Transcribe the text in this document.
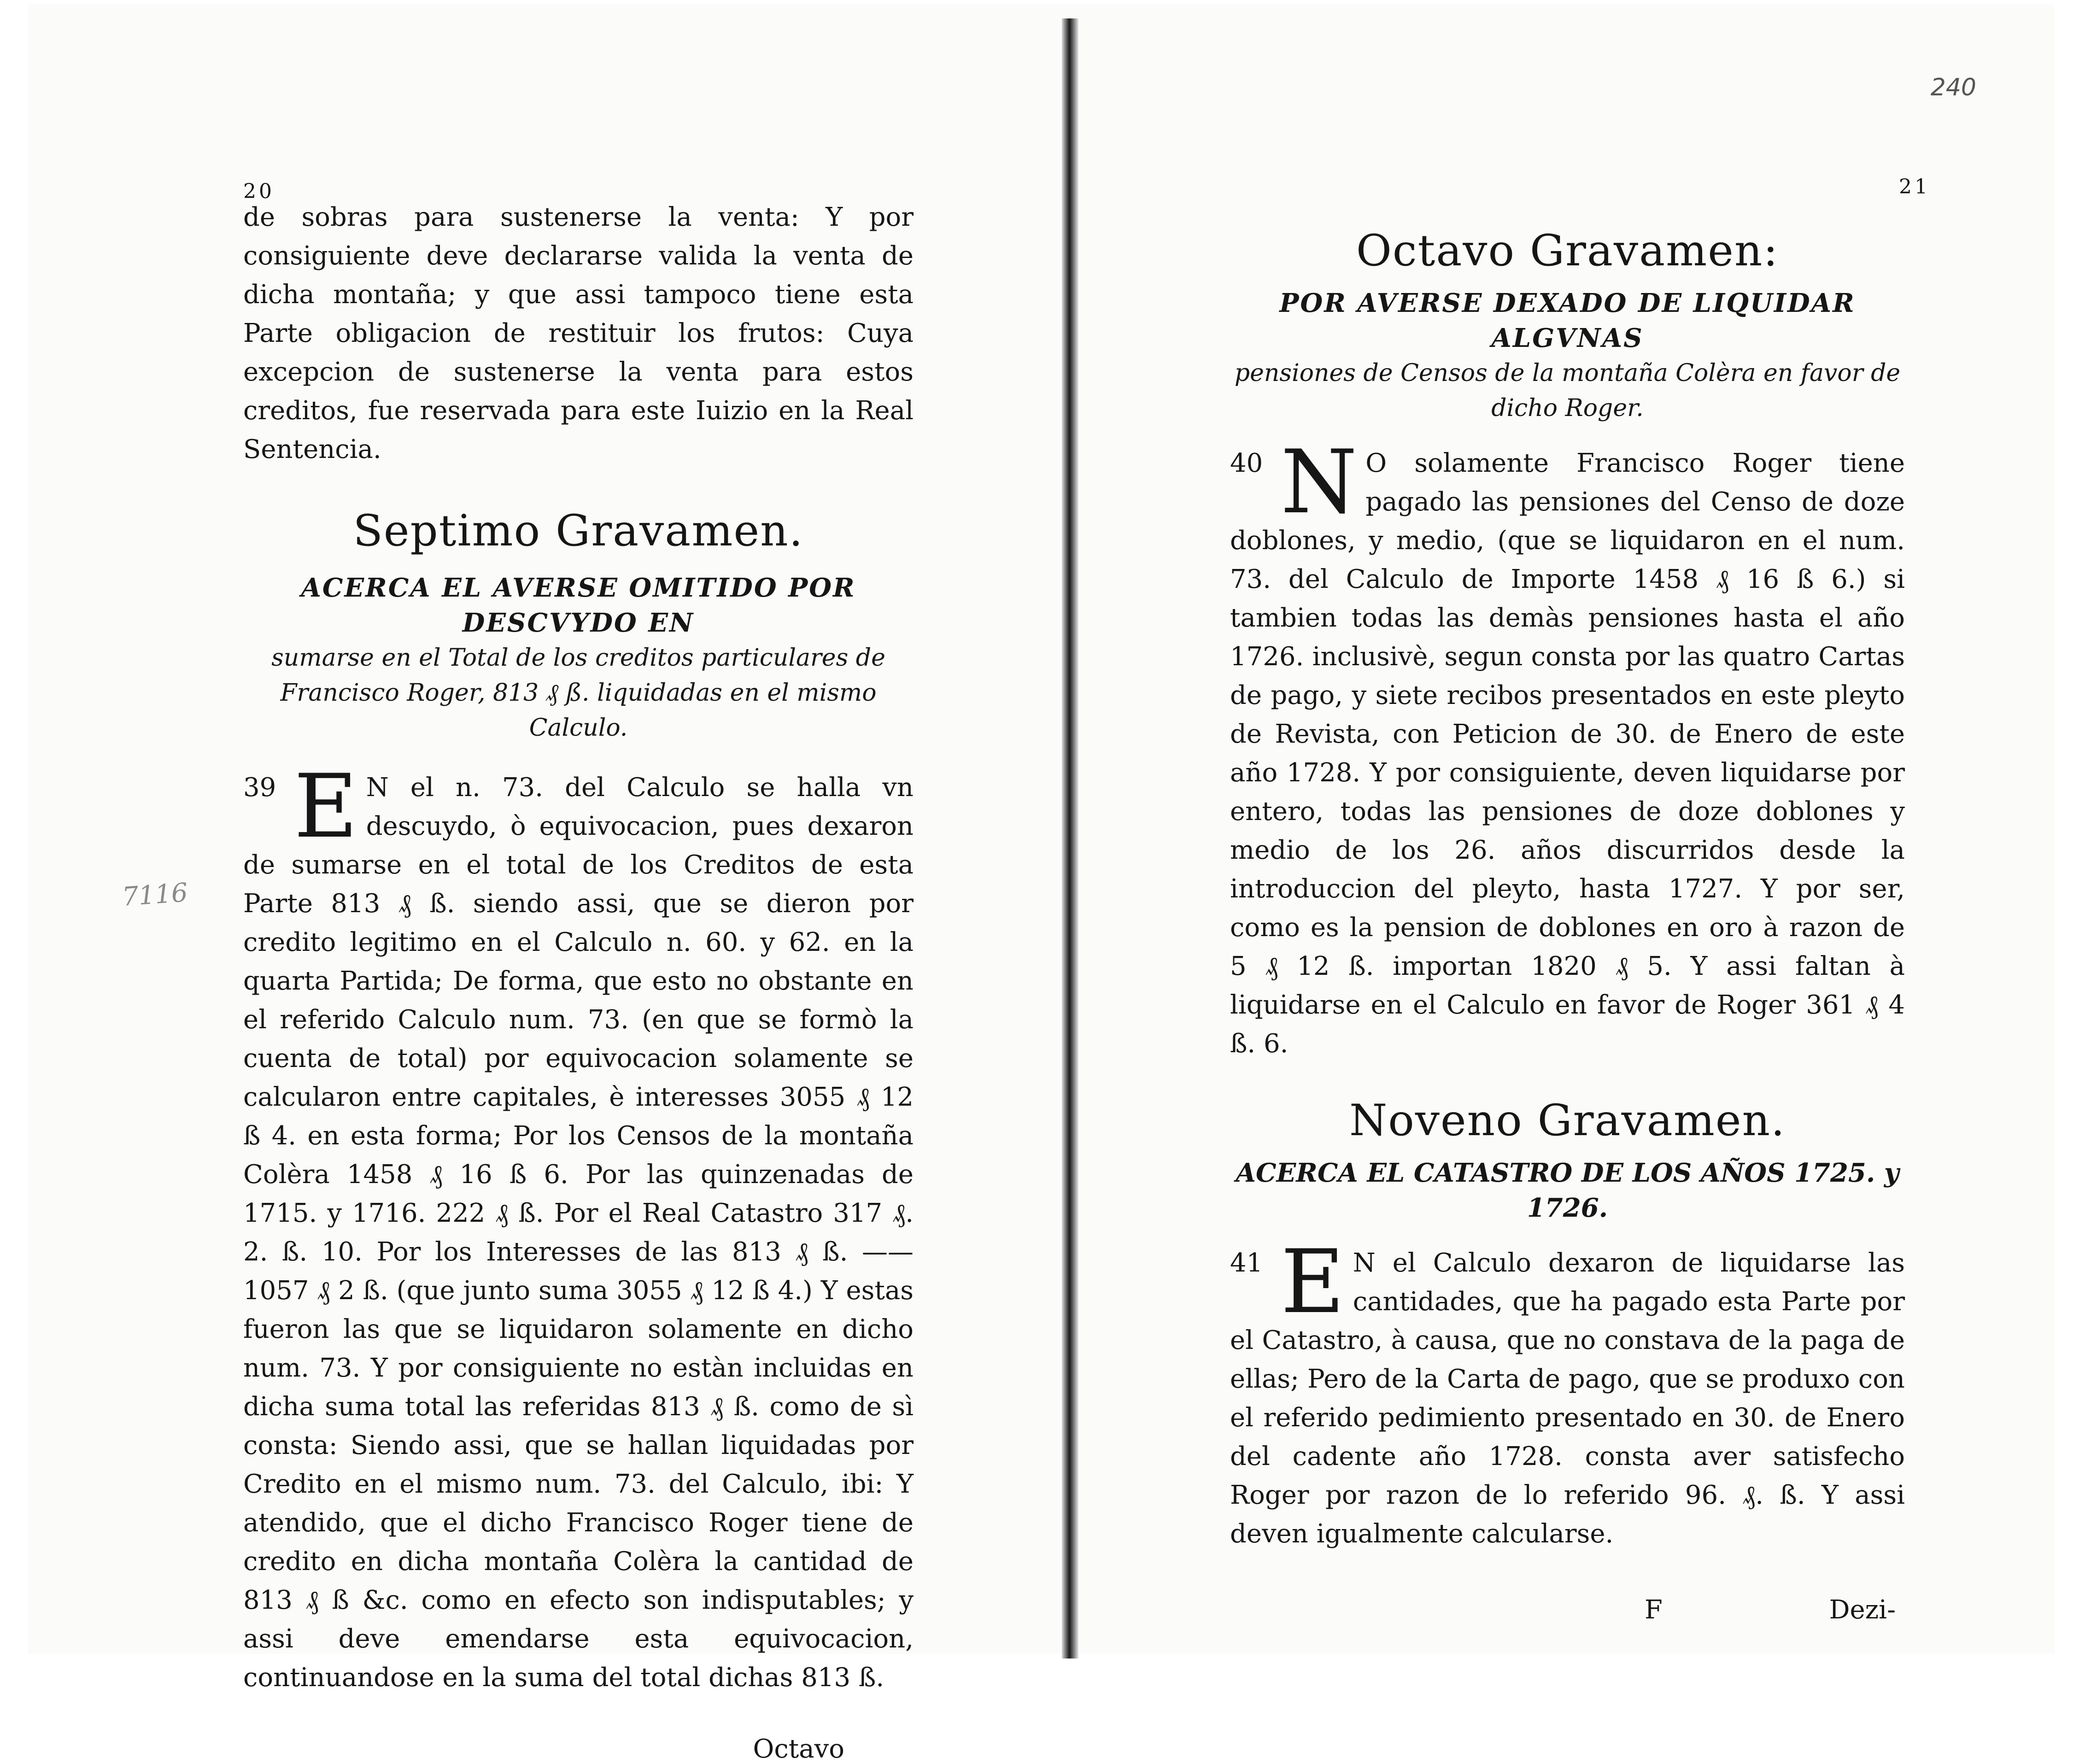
20
7116

de sobras para sustenerse la venta: Y por consiguiente deve declararse valida la venta de dicha montaña; y que assi tampoco tiene esta Parte obligacion de restituir los frutos: Cuya excepcion de sustenerse la venta para estos creditos, fue reservada para este Iuizio en la Real Sentencia.

Septimo Gravamen.
ACERCA EL AVERSE OMITIDO POR DESCVYDO EN
sumarse en el Total de los creditos particulares de Francisco Roger, 813 ₰ ß. liquidadas en el mismo Calculo.
39 E N el n. 73. del Calculo se halla vn descuydo, ò equivocacion, pues dexaron de sumarse en el total de los Creditos de esta Parte 813 ₰ ß. siendo assi, que se dieron por credito legitimo en el Calculo n. 60. y 62. en la quarta Partida; De forma, que esto no obstante en el referido Calculo num. 73. (en que se formò la cuenta de total) por equivocacion solamente se calcularon entre capitales, è interesses 3055 ₰ 12 ß 4. en esta forma; Por los Censos de la montaña Colèra 1458 ₰ 16 ß 6. Por las quinzenadas de 1715. y 1716. 222 ₰ ß. Por el Real Catastro 317 ₰. 2. ß. 10. Por los Interesses de las 813 ₰ ß. —— 1057 ₰ 2 ß. (que junto suma 3055 ₰ 12 ß 4.) Y estas fueron las que se liquidaron solamente en dicho num. 73. Y por consiguiente no estàn incluidas en dicha suma total las referidas 813 ₰ ß. como de sì consta: Siendo assi, que se hallan liquidadas por Credito en el mismo num. 73. del Calculo, ibi: Y atendido, que el dicho Francisco Roger tiene de credito en dicha montaña Colèra la cantidad de 813 ₰ ß &c. como en efecto son indisputables; y assi deve emendarse esta equivocacion, continuandose en la suma del total dichas 813 ß.

Octavo
240
21
Octavo Gravamen:
POR AVERSE DEXADO DE LIQUIDAR ALGVNAS
pensiones de Censos de la montaña Colèra en favor de dicho Roger.
40 N O solamente Francisco Roger tiene pagado las pensiones del Censo de doze doblones, y medio, (que se liquidaron en el num. 73. del Calculo de Importe 1458 ₰ 16 ß 6.) si tambien todas las demàs pensiones hasta el año 1726. inclusivè, segun consta por las quatro Cartas de pago, y siete recibos presentados en este pleyto de Revista, con Peticion de 30. de Enero de este año 1728. Y por consiguiente, deven liquidarse por entero, todas las pensiones de doze doblones y medio de los 26. años discurridos desde la introduccion del pleyto, hasta 1727. Y por ser, como es la pension de doblones en oro à razon de 5 ₰ 12 ß. importan 1820 ₰ 5. Y assi faltan à liquidarse en el Calculo en favor de Roger 361 ₰ 4 ß. 6.

Noveno Gravamen.
ACERCA EL CATASTRO DE LOS AÑOS 1725. y 1726.
41 E N el Calculo dexaron de liquidarse las cantidades, que ha pagado esta Parte por el Catastro, à causa, que no constava de la paga de ellas; Pero de la Carta de pago, que se produxo con el referido pedimiento presentado en 30. de Enero del cadente año 1728. consta aver satisfecho Roger por razon de lo referido 96. ₰. ß. Y assi deven igualmente calcularse.

F	Dezi-
